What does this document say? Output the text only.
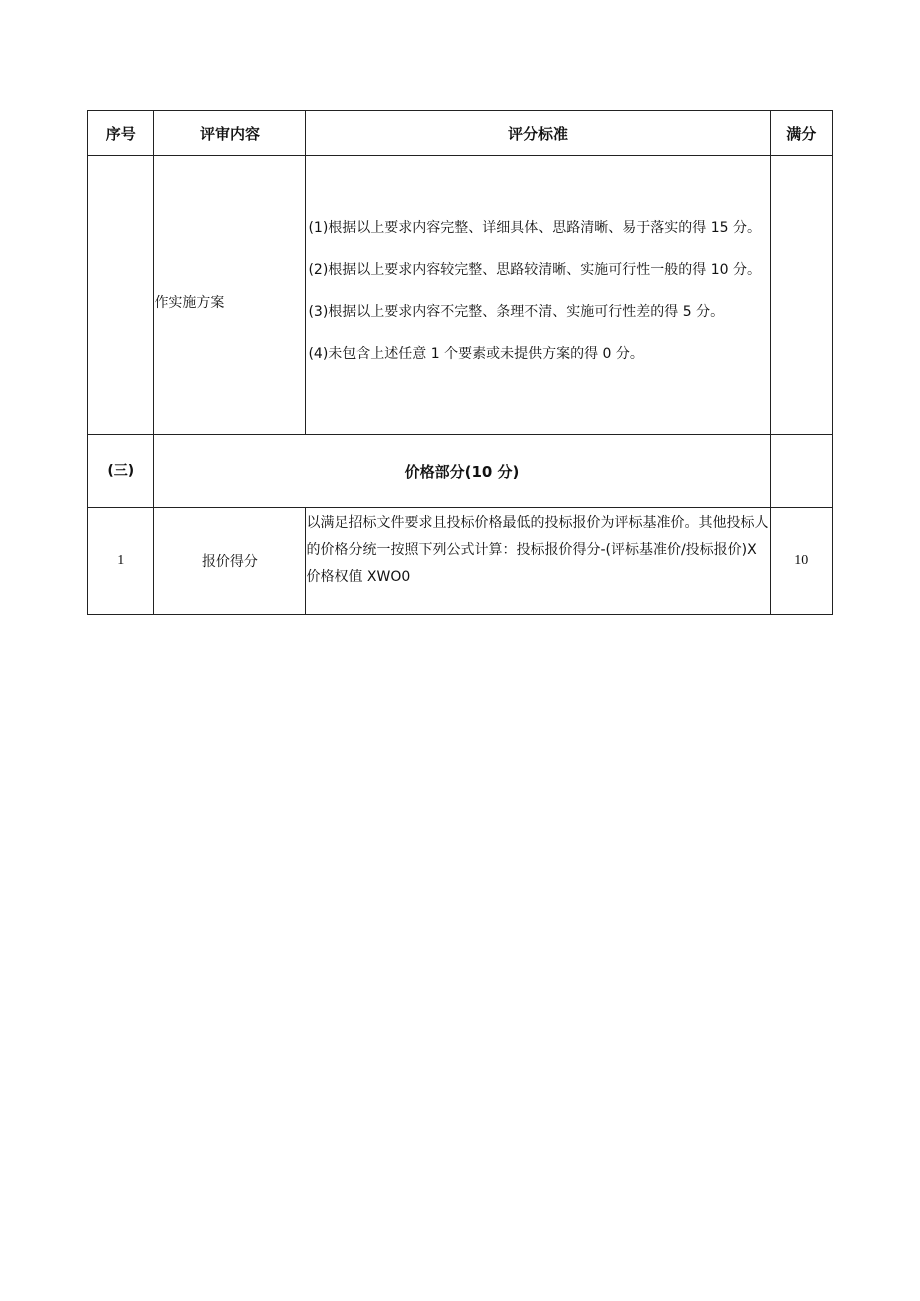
序号	评审内容	评分标准	满分
	作实施方案	(1)根据以上要求内容完整、详细具体、思路清晰、易于落实的得 15 分。

(2)根据以上要求内容较完整、思路较清晰、实施可行性一般的得 10 分。

(3)根据以上要求内容不完整、条理不清、实施可行性差的得 5 分。

(4)未包含上述任意 1 个要素或未提供方案的得 0 分。	

(三)	价格部分(10 分)		
1	报价得分	以满足招标文件要求且投标价格最低的投标报价为评标基准价。其他投标人的价格分统一按照下列公式计算：投标报价得分-(评标基准价/投标报价)X 价格权值 XWO0	10
